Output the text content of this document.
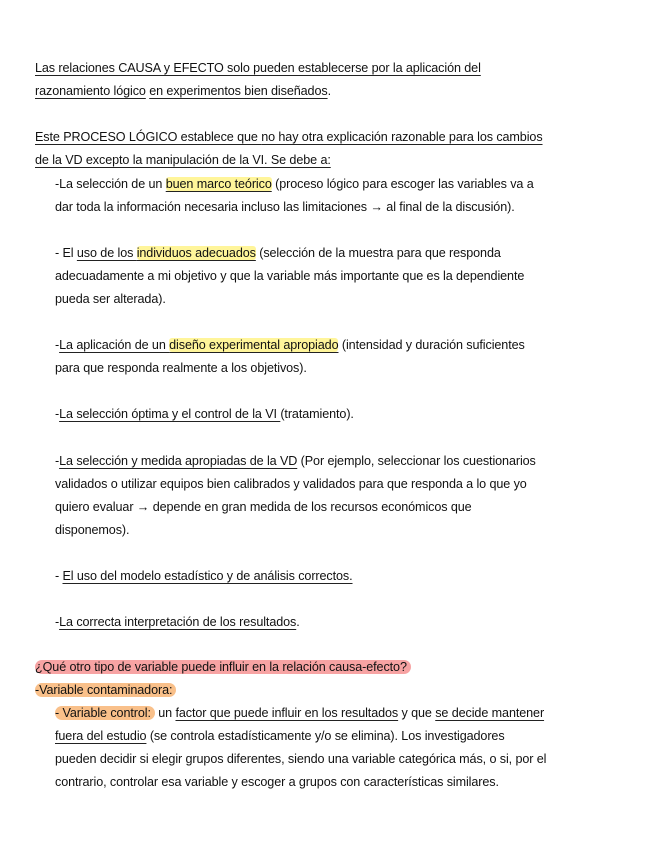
Las relaciones CAUSA y EFECTO solo pueden establecerse por la aplicación del
razonamiento lógico en experimentos bien diseñados.
Este PROCESO LÓGICO establece que no hay otra explicación razonable para los cambios
de la VD excepto la manipulación de la VI. Se debe a:
-La selección de un buen marco teórico (proceso lógico para escoger las variables va a
dar toda la información necesaria incluso las limitaciones → al final de la discusión).
- El uso de los individuos adecuados (selección de la muestra para que responda
adecuadamente a mi objetivo y que la variable más importante que es la dependiente
pueda ser alterada).
-La aplicación de un diseño experimental apropiado (intensidad y duración suficientes
para que responda realmente a los objetivos).
-La selección óptima y el control de la VI (tratamiento).
-La selección y medida apropiadas de la VD (Por ejemplo, seleccionar los cuestionarios
validados o utilizar equipos bien calibrados y validados para que responda a lo que yo
quiero evaluar → depende en gran medida de los recursos económicos que
disponemos).
- El uso del modelo estadístico y de análisis correctos.
-La correcta interpretación de los resultados.
¿Qué otro tipo de variable puede influir en la relación causa-efecto?
-Variable contaminadora:
- Variable control: un factor que puede influir en los resultados y que se decide mantener
fuera del estudio (se controla estadísticamente y/o se elimina). Los investigadores
pueden decidir si elegir grupos diferentes, siendo una variable categórica más, o si, por el
contrario, controlar esa variable y escoger a grupos con características similares.
